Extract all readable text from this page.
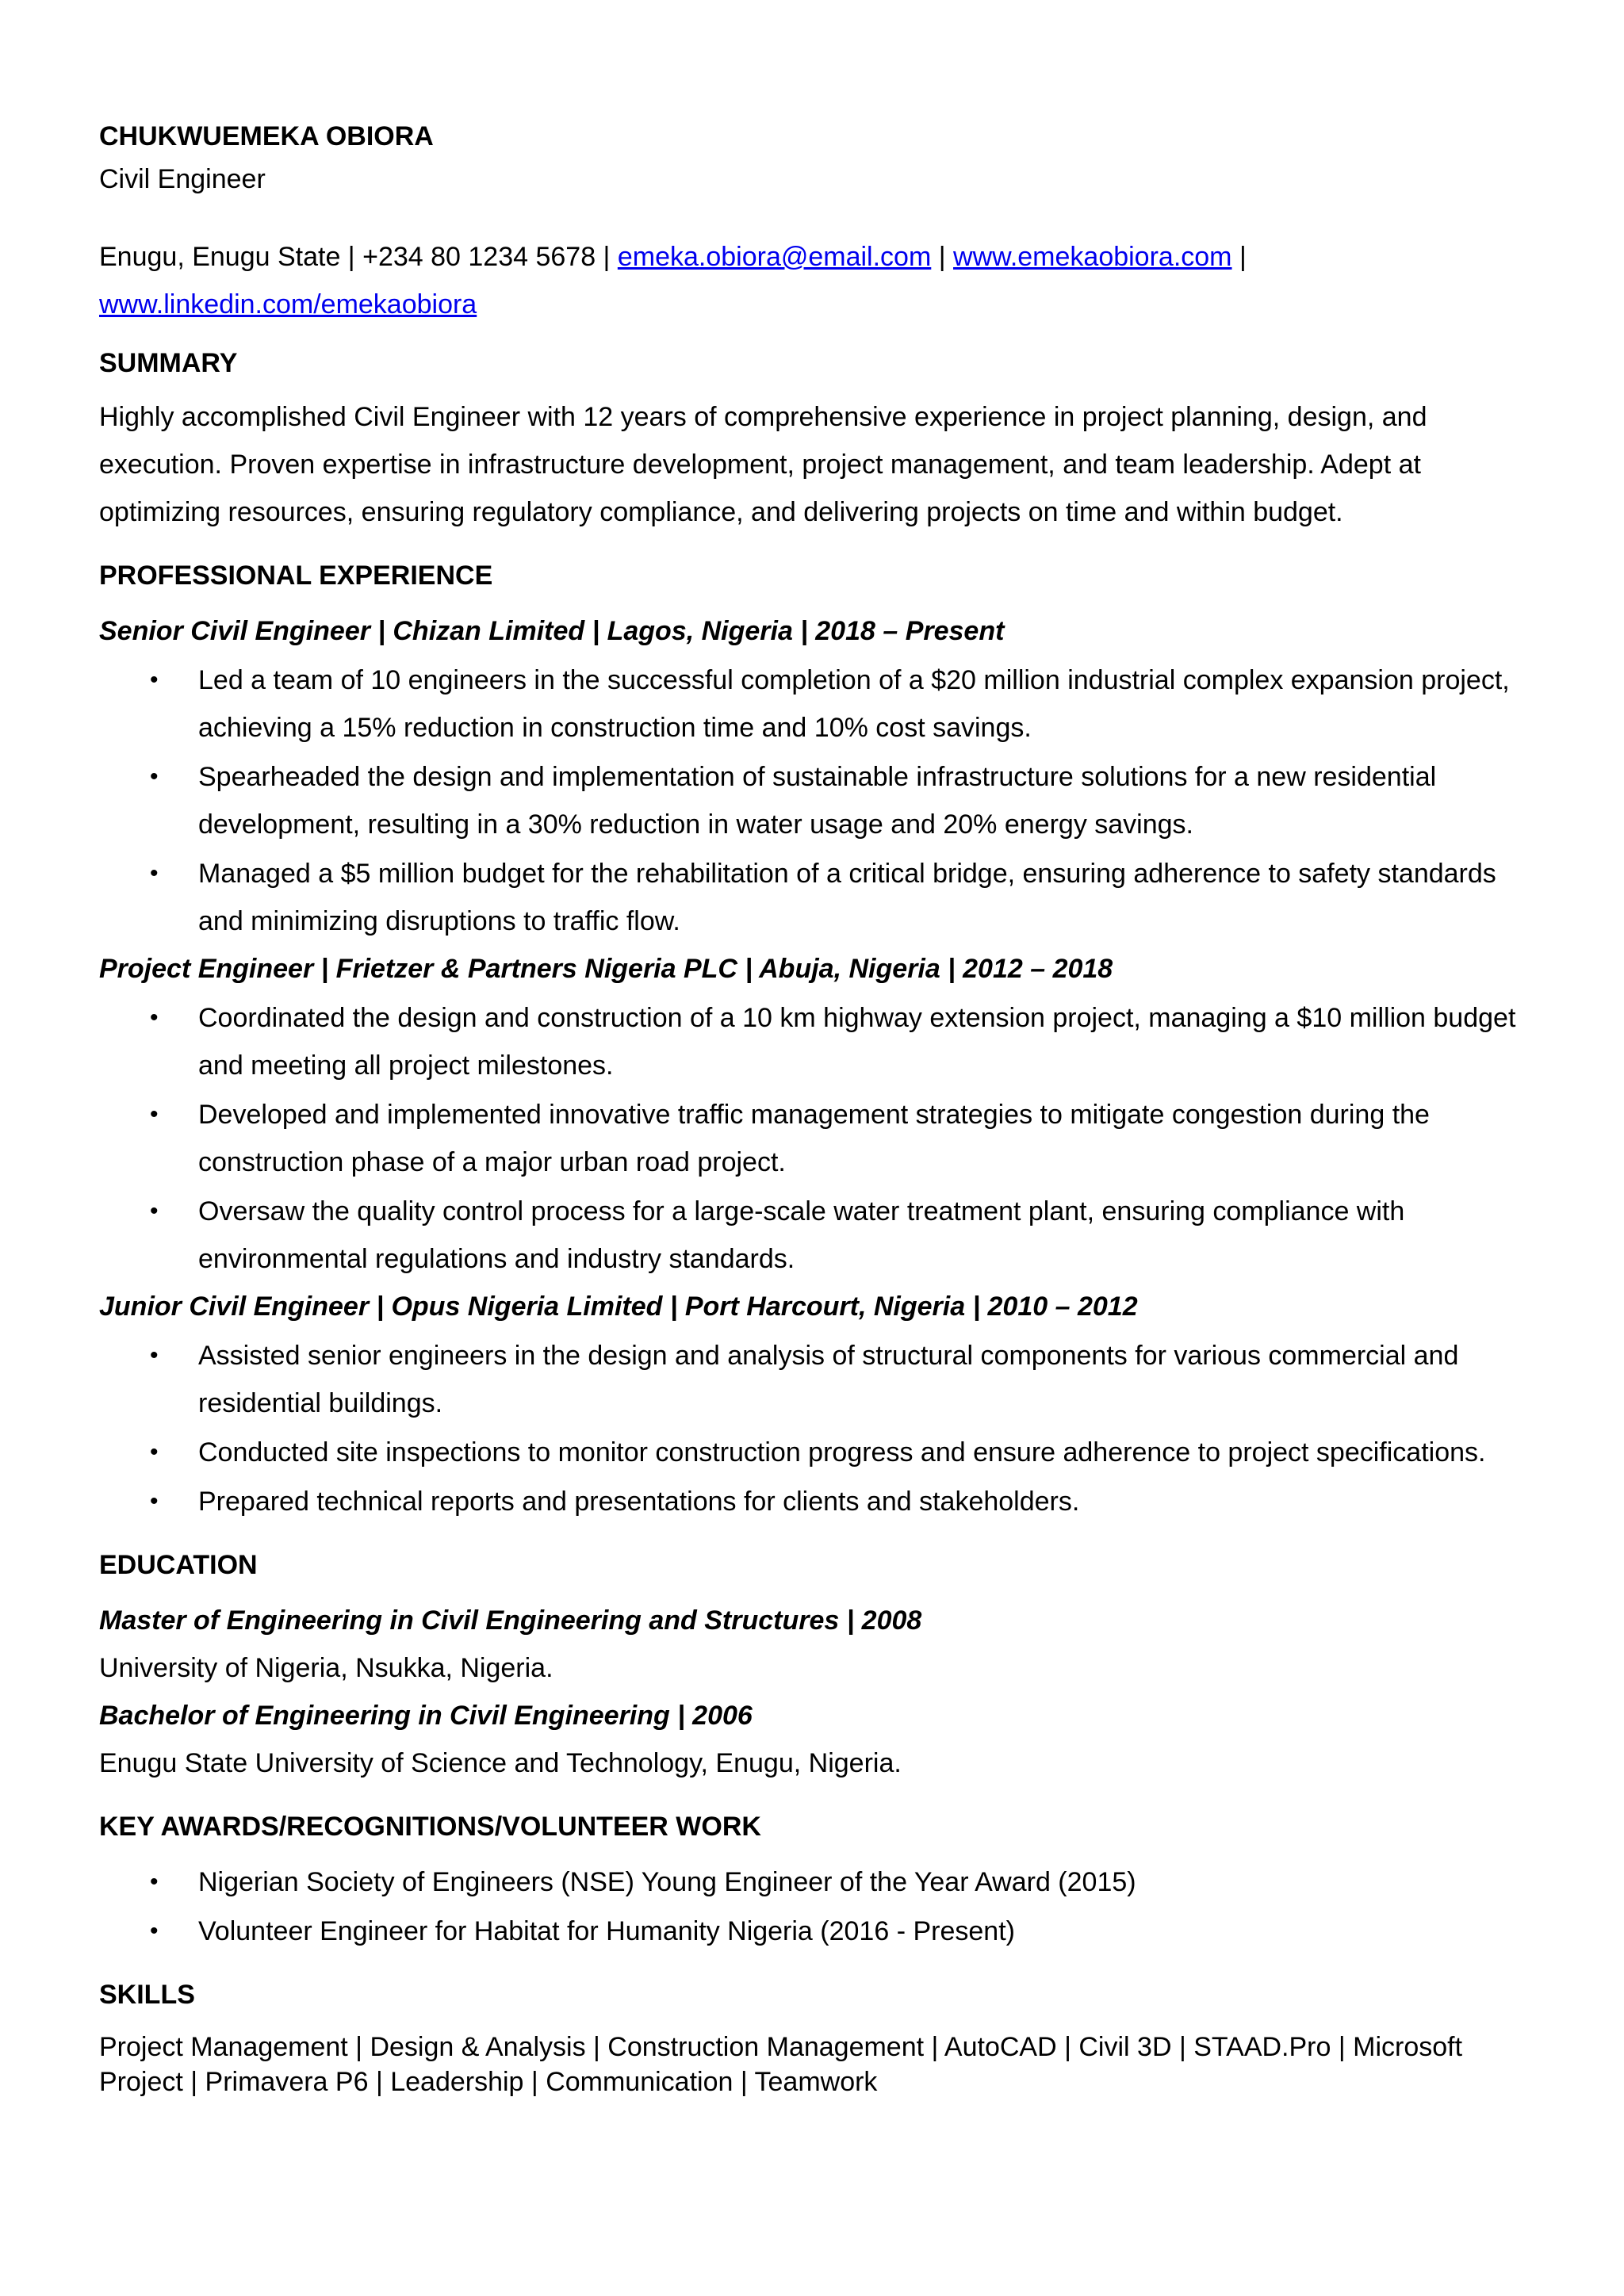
CHUKWUEMEKA OBIORA
Civil Engineer
Enugu, Enugu State | +234 80 1234 5678 | emeka.obiora@email.com | www.emekaobiora.com |
www.linkedin.com/emekaobiora
SUMMARY
Highly accomplished Civil Engineer with 12 years of comprehensive experience in project planning, design, and execution. Proven expertise in infrastructure development, project management, and team leadership. Adept at optimizing resources, ensuring regulatory compliance, and delivering projects on time and within budget.
PROFESSIONAL EXPERIENCE
Senior Civil Engineer | Chizan Limited | Lagos, Nigeria | 2018 – Present
• Led a team of 10 engineers in the successful completion of a $20 million industrial complex expansion project, achieving a 15% reduction in construction time and 10% cost savings.
• Spearheaded the design and implementation of sustainable infrastructure solutions for a new residential development, resulting in a 30% reduction in water usage and 20% energy savings.
• Managed a $5 million budget for the rehabilitation of a critical bridge, ensuring adherence to safety standards and minimizing disruptions to traffic flow.
Project Engineer | Frietzer & Partners Nigeria PLC | Abuja, Nigeria | 2012 – 2018
• Coordinated the design and construction of a 10 km highway extension project, managing a $10 million budget and meeting all project milestones.
• Developed and implemented innovative traffic management strategies to mitigate congestion during the construction phase of a major urban road project.
• Oversaw the quality control process for a large-scale water treatment plant, ensuring compliance with environmental regulations and industry standards.
Junior Civil Engineer | Opus Nigeria Limited | Port Harcourt, Nigeria | 2010 – 2012
• Assisted senior engineers in the design and analysis of structural components for various commercial and residential buildings.
• Conducted site inspections to monitor construction progress and ensure adherence to project specifications.
• Prepared technical reports and presentations for clients and stakeholders.
EDUCATION
Master of Engineering in Civil Engineering and Structures | 2008
University of Nigeria, Nsukka, Nigeria.
Bachelor of Engineering in Civil Engineering | 2006
Enugu State University of Science and Technology, Enugu, Nigeria.
KEY AWARDS/RECOGNITIONS/VOLUNTEER WORK
• Nigerian Society of Engineers (NSE) Young Engineer of the Year Award (2015)
• Volunteer Engineer for Habitat for Humanity Nigeria (2016 - Present)
SKILLS
Project Management | Design & Analysis | Construction Management | AutoCAD | Civil 3D | STAAD.Pro | Microsoft Project | Primavera P6 | Leadership | Communication | Teamwork
